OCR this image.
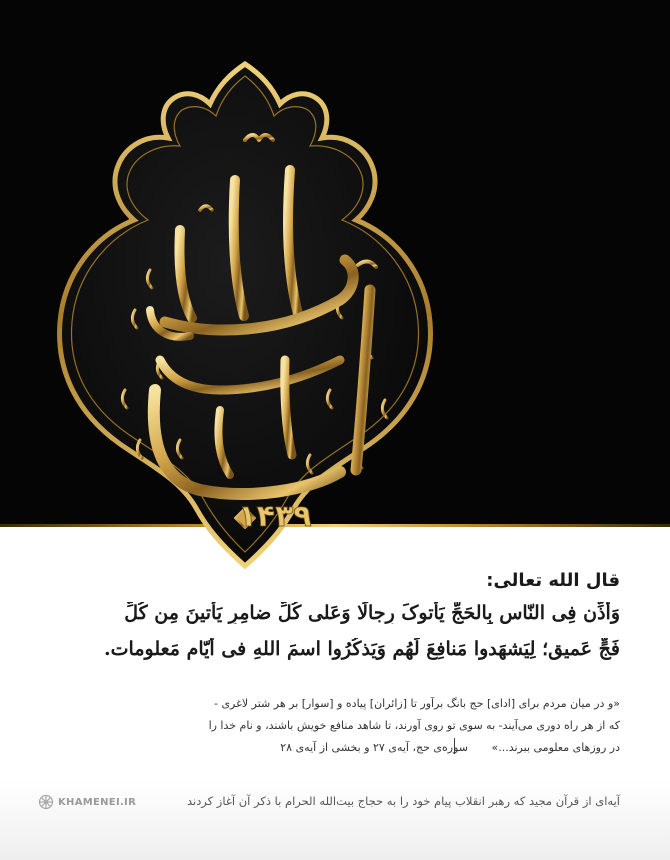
۱۴۳۹
قال الله تعالی:
وَأَذِّن فِی النّاسِ بِالحَجِّ یَأتوکَ رِجالًا وَعَلی کُلِّ ضامِرٍ یَأتینَ مِن کُلِّ
فَجٍّ عَمیقٍ؛ لِیَشهَدوا مَنافِعَ لَهُم وَیَذکُرُوا اسمَ اللهِ فی أَیّامٍ مَعلومات.
«و در میان مردم برای [ادای] حج بانگ برآور تا [زائران] پیاده و [سوار] بر هر شتر لاغری -
که از هر راه دوری می‌آیند- به سوی تو روی آورند، تا شاهد منافع خویش باشند، و نام خدا را
در روزهای معلومی ببرند...»
سوره‌ی حج، آیه‌ی ۲۷ و بخشی از آیه‌ی ۲۸
آیه‌ای از قرآن مجید که رهبر انقلاب پیام خود را به حجاج بیت‌الله الحرام با ذکر آن آغاز کردند
KHAMENEI.IR
